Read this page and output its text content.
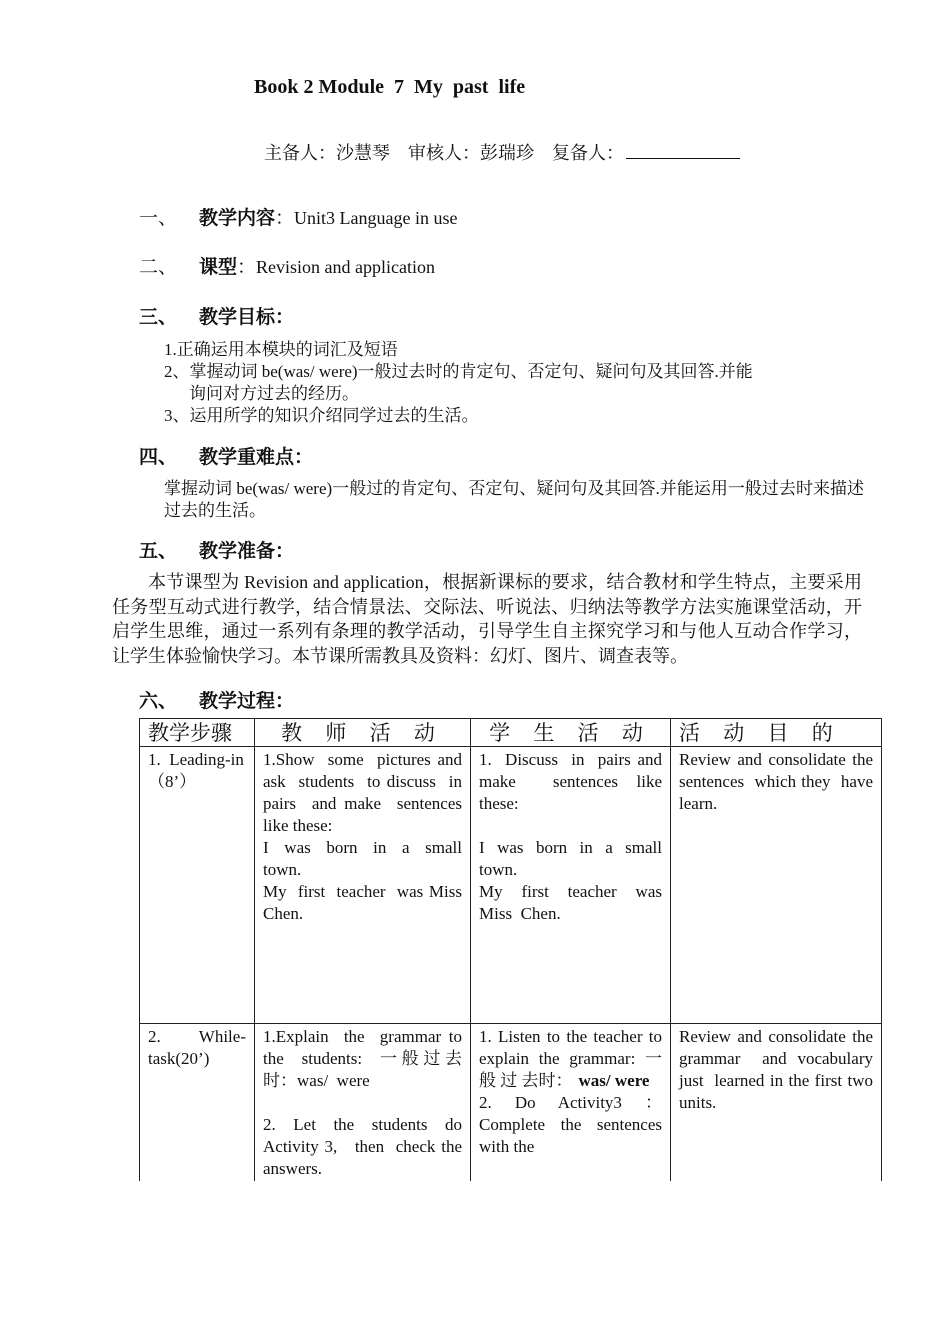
Book 2 Module  7  My  past  life
主备人：沙慧琴    审核人：彭瑞珍    复备人：
一、 教学内容：Unit3 Language in use
二、 课型：Revision and application
三、 教学目标：
1.正确运用本模块的词汇及短语
2、掌握动词 be(was/ were)一般过去时的肯定句、否定句、疑问句及其回答.并能
询问对方过去的经历。
3、运用所学的知识介绍同学过去的生活。
四、 教学重难点：
掌握动词 be(was/ were)一般过的肯定句、否定句、疑问句及其回答.并能运用一般过去时来描述过去的生活。
五、 教学准备：
本节课型为 Revision and application，根据新课标的要求，结合教材和学生特点，主要采用任务型互动式进行教学，结合情景法、交际法、听说法、归纳法等教学方法实施课堂活动，开启学生思维，通过一系列有条理的教学活动，引导学生自主探究学习和与他人互动合作学习，让学生体验愉快学习。本节课所需教具及资料：幻灯、图片、调查表等。
六、 教学过程：
教学步骤	教 师 活 动	学 生 活 动	活 动 目 的
1.  Leading-in
（8’）	1.Show  some  pictures and  ask  students  to discuss  in  pairs  and make  sentences  like these:
I  was  born  in  a  small town.
My  first  teacher  was Miss  Chen.	1.  Discuss  in  pairs and  make  sentences like  these:

I  was  born  in  a  small town.
My  first  teacher  was Miss  Chen.	Review and consolidate the sentences  which they  have  learn.
2.  While-task(20’)	1.Explain  the  grammar to  the  students:  一般过去时：was/  were

2.  Let  the  students  do Activity 3,   then  check the answers.	1. Listen to the teacher to explain the grammar: 一 般 过 去时： was/ were
2. Do Activity3 ：Complete the sentences with the	Review and consolidate the grammar  and vocabulary just  learned in the first two units.
